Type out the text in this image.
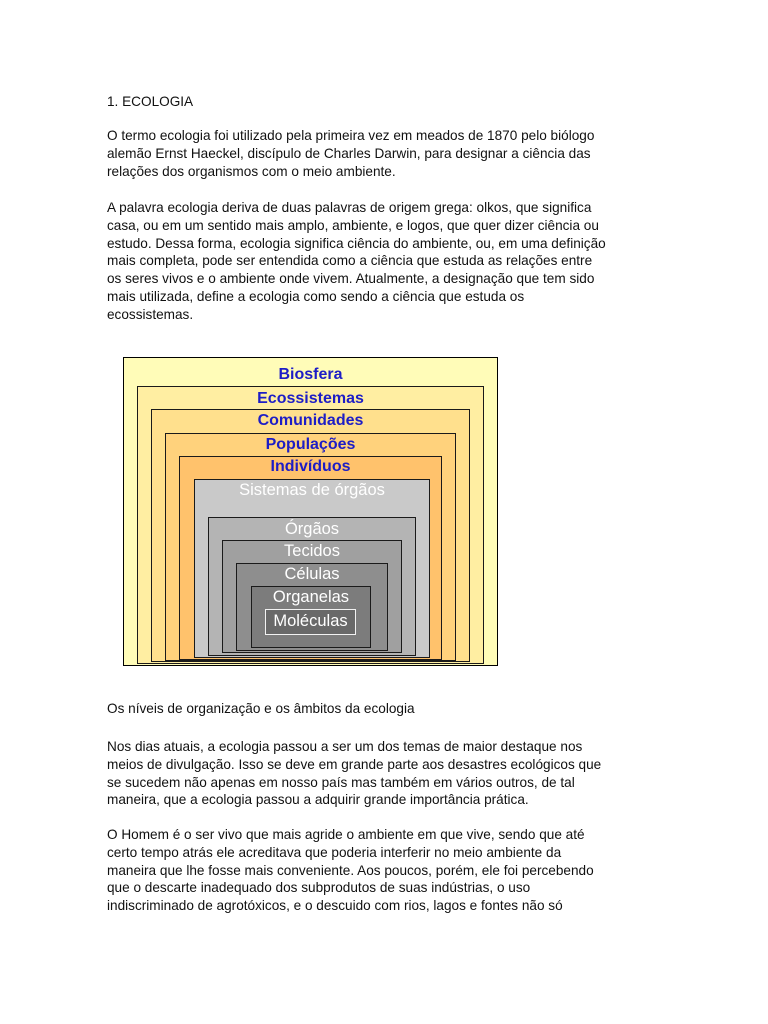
1. ECOLOGIA

O termo ecologia foi utilizado pela primeira vez em meados de 1870 pelo biólogo
alemão Ernst Haeckel, discípulo de Charles Darwin, para designar a ciência das
relações dos organismos com o meio ambiente.

A palavra ecologia deriva de duas palavras de origem grega: olkos, que significa
casa, ou em um sentido mais amplo, ambiente, e logos, que quer dizer ciência ou
estudo. Dessa forma, ecologia significa ciência do ambiente, ou, em uma definição
mais completa, pode ser entendida como a ciência que estuda as relações entre
os seres vivos e o ambiente onde vivem. Atualmente, a designação que tem sido
mais utilizada, define a ecologia como sendo a ciência que estuda os
ecossistemas.

Biosfera
Ecossistemas
Comunidades
Populações
Indivíduos
Sistemas de órgãos
Órgãos
Tecidos
Células
Organelas
Moléculas

Os níveis de organização e os âmbitos da ecologia

Nos dias atuais, a ecologia passou a ser um dos temas de maior destaque nos
meios de divulgação. Isso se deve em grande parte aos desastres ecológicos que
se sucedem não apenas em nosso país mas também em vários outros, de tal
maneira, que a ecologia passou a adquirir grande importância prática.

O Homem é o ser vivo que mais agride o ambiente em que vive, sendo que até
certo tempo atrás ele acreditava que poderia interferir no meio ambiente da
maneira que lhe fosse mais conveniente. Aos poucos, porém, ele foi percebendo
que o descarte inadequado dos subprodutos de suas indústrias, o uso
indiscriminado de agrotóxicos, e o descuido com rios, lagos e fontes não só
